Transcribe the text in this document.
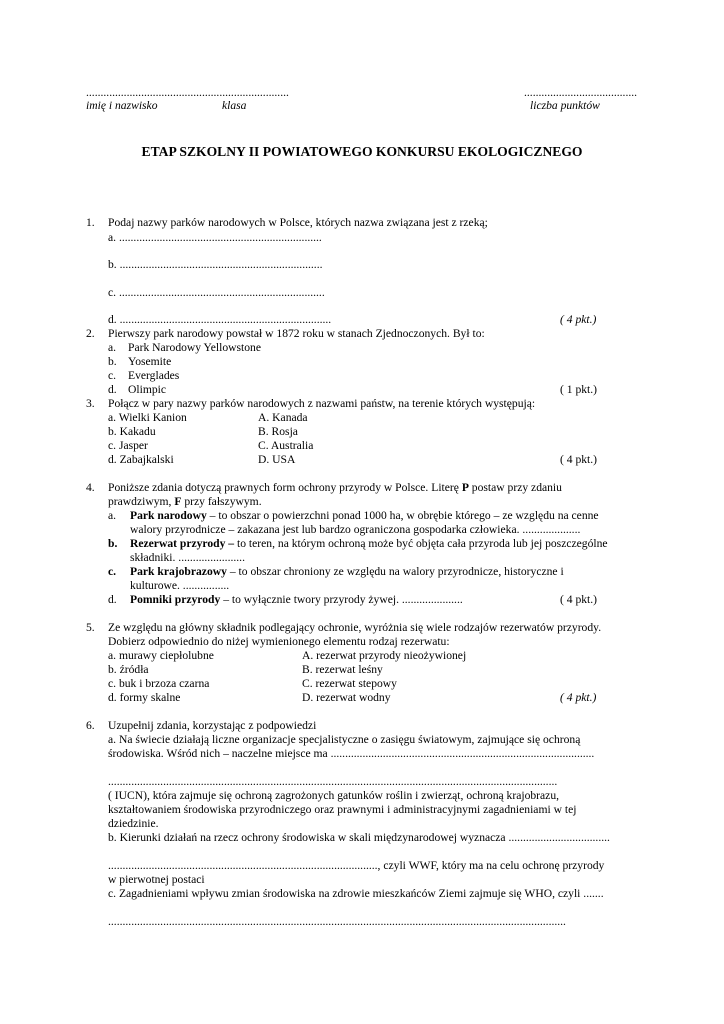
......................................................................	.......................................
imię i nazwisko	klasa	liczba punktów
ETAP SZKOLNY II POWIATOWEGO KONKURSU EKOLOGICZNEGO
1. Podaj nazwy parków narodowych w Polsce, których nazwa związana jest z rzeką;
a. ......................................................................
b. ......................................................................
c. .......................................................................
d. .........................................................................	( 4 pkt.)
2. Pierwszy park narodowy powstał w 1872 roku w stanach Zjednoczonych. Był to:
a. Park Narodowy Yellowstone
b. Yosemite
c. Everglades
d. Olimpic	( 1 pkt.)
3. Połącz w pary nazwy parków narodowych z nazwami państw, na terenie których występują:
a. Wielki Kanion	A. Kanada
b. Kakadu	B. Rosja
c. Jasper	C. Australia
d. Zabajkalski	D. USA	( 4 pkt.)
4. Poniższe zdania dotyczą prawnych form ochrony przyrody w Polsce. Literę P postaw przy zdaniu
prawdziwym, F przy fałszywym.
a. Park narodowy – to obszar o powierzchni ponad 1000 ha, w obrębie którego – ze względu na cenne
walory przyrodnicze – zakazana jest lub bardzo ograniczona gospodarka człowieka. ....................
b. Rezerwat przyrody – to teren, na którym ochroną może być objęta cała przyroda lub jej poszczególne
składniki. .......................
c. Park krajobrazowy – to obszar chroniony ze względu na walory przyrodnicze, historyczne i
kulturowe. ................
d. Pomniki przyrody – to wyłącznie twory przyrody żywej. .....................	( 4 pkt.)
5. Ze względu na główny składnik podlegający ochronie, wyróżnia się wiele rodzajów rezerwatów przyrody.
Dobierz odpowiednio do niżej wymienionego elementu rodzaj rezerwatu:
a. murawy ciepłolubne	A. rezerwat przyrody nieożywionej
b. źródła	B. rezerwat leśny
c. buk i brzoza czarna	C. rezerwat stepowy
d. formy skalne	D. rezerwat wodny	( 4 pkt.)
6. Uzupełnij zdania, korzystając z podpowiedzi
a. Na świecie działają liczne organizacje specjalistyczne o zasięgu światowym, zajmujące się ochroną
środowiska. Wśród nich – naczelne miejsce ma ...........................................................................................
...........................................................................................................................................................
( IUCN), która zajmuje się ochroną zagrożonych gatunków roślin i zwierząt, ochroną krajobrazu,
kształtowaniem środowiska przyrodniczego oraz prawnymi i administracyjnymi zagadnieniami w tej
dziedzinie.
b. Kierunki działań na rzecz ochrony środowiska w skali międzynarodowej wyznacza ...................................
............................................................................................., czyli WWF, który ma na celu ochronę przyrody
w pierwotnej postaci
c. Zagadnieniami wpływu zmian środowiska na zdrowie mieszkańców Ziemi zajmuje się WHO, czyli .......
..............................................................................................................................................................
